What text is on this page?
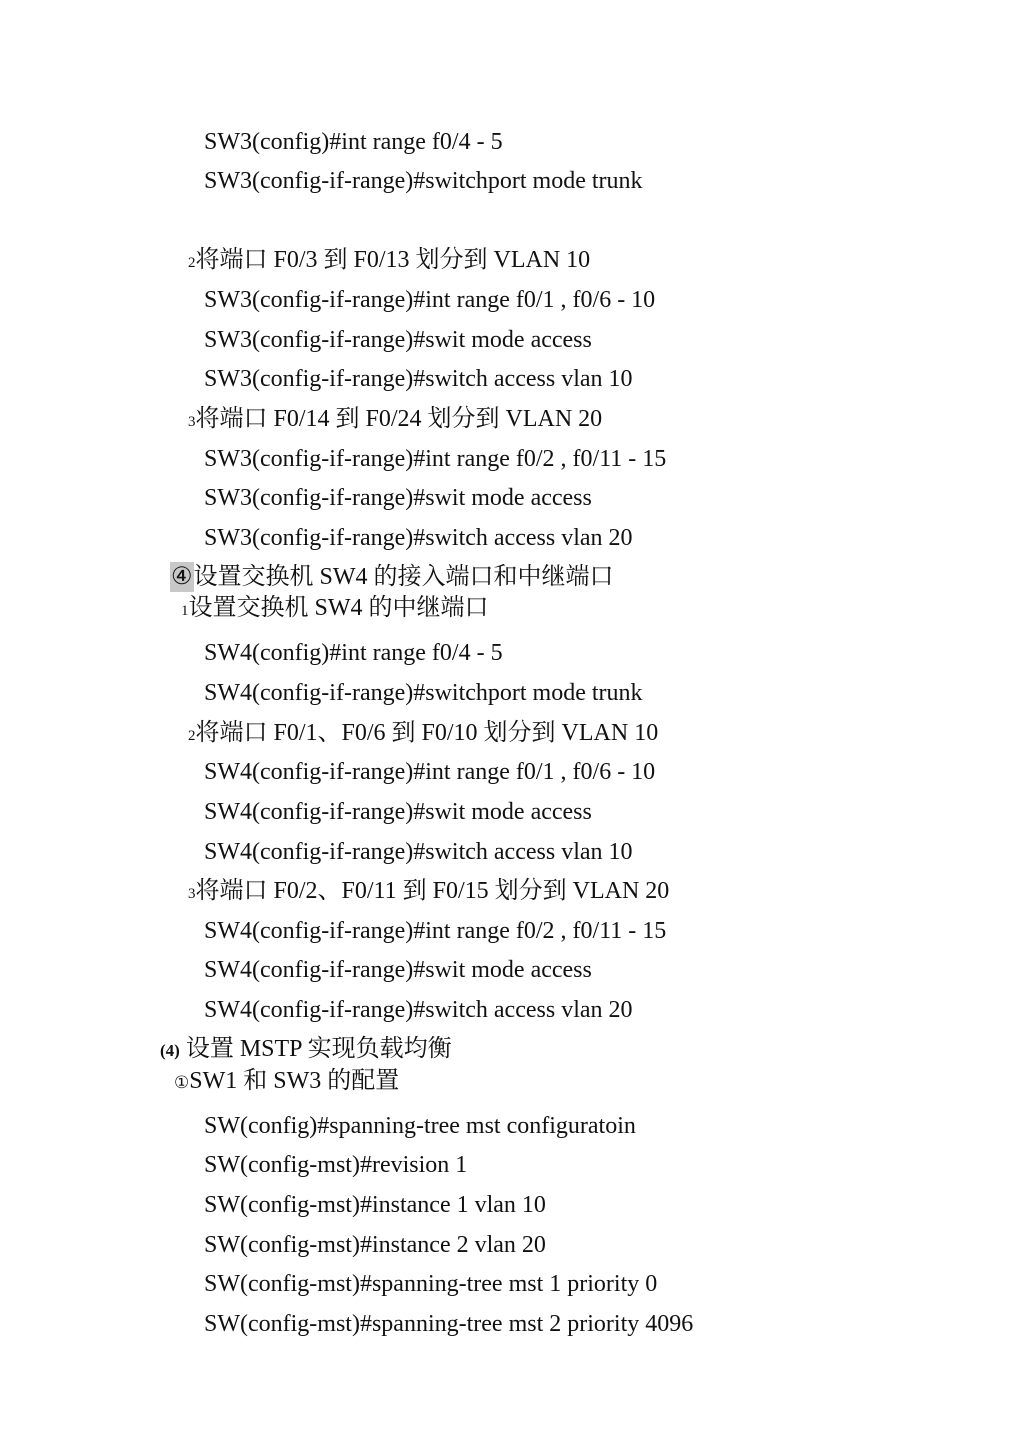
SW3(config)#int range f0/4 - 5
SW3(config-if-range)#switchport mode trunk
2将端口 F0/3 到 F0/13 划分到 VLAN 10
SW3(config-if-range)#int range f0/1 , f0/6 - 10
SW3(config-if-range)#swit mode access
SW3(config-if-range)#switch access vlan 10
3将端口 F0/14 到 F0/24 划分到 VLAN 20
SW3(config-if-range)#int range f0/2 , f0/11 - 15
SW3(config-if-range)#swit mode access
SW3(config-if-range)#switch access vlan 20
④设置交换机 SW4 的接入端口和中继端口
1设置交换机 SW4 的中继端口
SW4(config)#int range f0/4 - 5
SW4(config-if-range)#switchport mode trunk
2将端口 F0/1、F0/6 到 F0/10 划分到 VLAN 10
SW4(config-if-range)#int range f0/1 , f0/6 - 10
SW4(config-if-range)#swit mode access
SW4(config-if-range)#switch access vlan 10
3将端口 F0/2、F0/11 到 F0/15 划分到 VLAN 20
SW4(config-if-range)#int range f0/2 , f0/11 - 15
SW4(config-if-range)#swit mode access
SW4(config-if-range)#switch access vlan 20
(4) 设置 MSTP 实现负载均衡
①SW1 和 SW3 的配置
SW(config)#spanning-tree mst configuratoin
SW(config-mst)#revision 1
SW(config-mst)#instance 1 vlan 10
SW(config-mst)#instance 2 vlan 20
SW(config-mst)#spanning-tree mst 1 priority 0
SW(config-mst)#spanning-tree mst 2 priority 4096
